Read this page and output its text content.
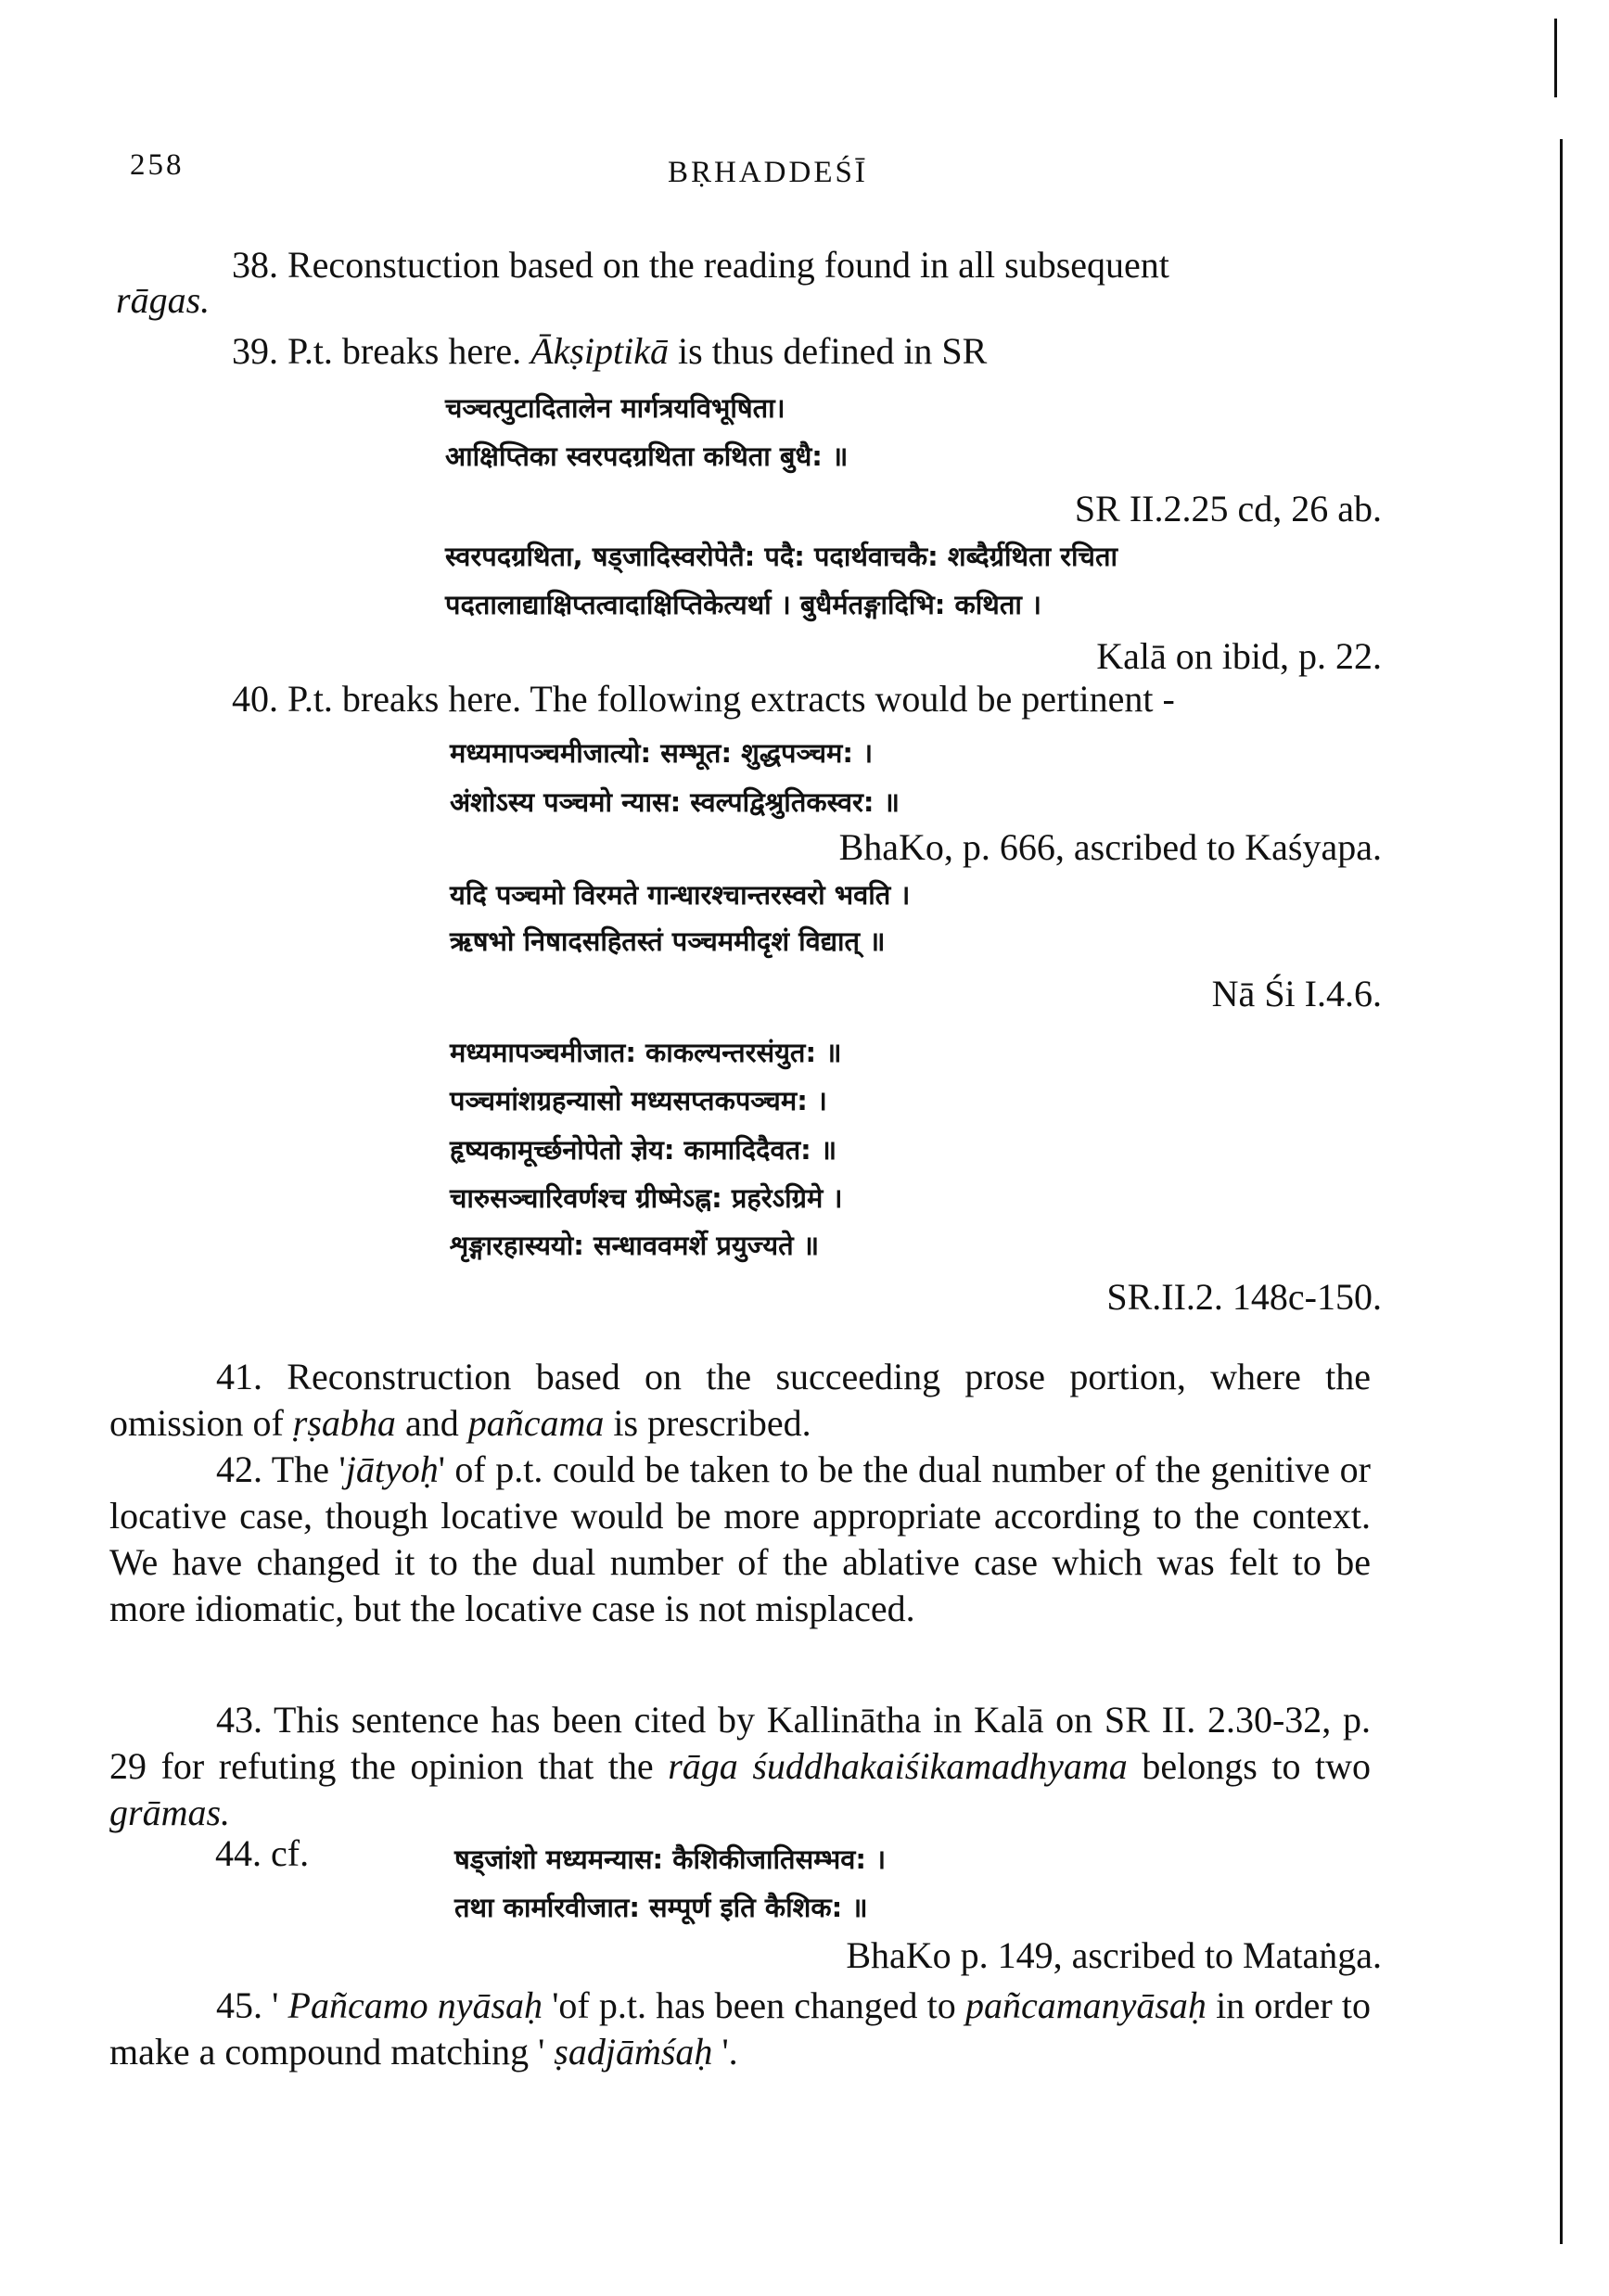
258	BṚHADDEŚĪ
38. Reconstuction based on the reading found in all subsequent
rāgas.
39. P.t. breaks here. Ākṣiptikā is thus defined in SR
चञ्चत्पुटादितालेन मार्गत्रयविभूषिता।
आक्षिप्तिका स्वरपदग्रथिता कथिता बुधै: ॥
SR II.2.25 cd, 26 ab.
स्वरपदग्रथिता, षड्जादिस्वरोपेतै: पदै: पदार्थवाचकै: शब्दैर्ग्रथिता रचिता
पदतालाद्याक्षिप्तत्वादाक्षिप्तिकेत्यर्था । बुधैर्मतङ्गादिभि: कथिता ।
Kalā on ibid, p. 22.
40. P.t. breaks here. The following extracts would be pertinent -
मध्यमापञ्चमीजात्यो: सम्भूत: शुद्धपञ्चम: ।
अंशोऽस्य पञ्चमो न्यास: स्वल्पद्विश्रुतिकस्वर: ॥
BhaKo, p. 666, ascribed to Kaśyapa.
यदि पञ्चमो विरमते गान्धारश्चान्तरस्वरो भवति ।
ऋषभो निषादसहितस्तं पञ्चममीदृशं विद्यात् ॥
Nā Śi I.4.6.
मध्यमापञ्चमीजात: काकल्यन्तरसंयुत: ॥
पञ्चमांशग्रहन्यासो मध्यसप्तकपञ्चम: ।
हृष्यकामूर्च्छनोपेतो ज्ञेय: कामादिदैवत: ॥
चारुसञ्चारिवर्णश्च ग्रीष्मेऽह्न: प्रहरेऽग्रिमे ।
शृङ्गारहास्ययो: सन्धाववमर्शे प्रयुज्यते ॥
SR.II.2. 148c-150.
41. Reconstruction based on the succeeding prose portion, where the omission of ṛṣabha and pañcama is prescribed.
42. The 'jātyoḥ' of p.t. could be taken to be the dual number of the genitive or locative case, though locative would be more appropriate according to the context. We have changed it to the dual number of the ablative case which was felt to be more idiomatic, but the locative case is not misplaced.
43. This sentence has been cited by Kallinātha in Kalā on SR II. 2.30-32, p. 29 for refuting the opinion that the rāga śuddhakaiśikamadhyama belongs to two grāmas.
44. cf.	षड्जांशो मध्यमन्यास: कैशिकीजातिसम्भव: ।
तथा कार्मारवीजात: सम्पूर्ण इति कैशिक: ॥
BhaKo p. 149, ascribed to Mataṅga.
45. ' Pañcamo nyāsaḥ 'of p.t. has been changed to pañcamanyāsaḥ in order to make a compound matching ' ṣadjāṁśaḥ '.
